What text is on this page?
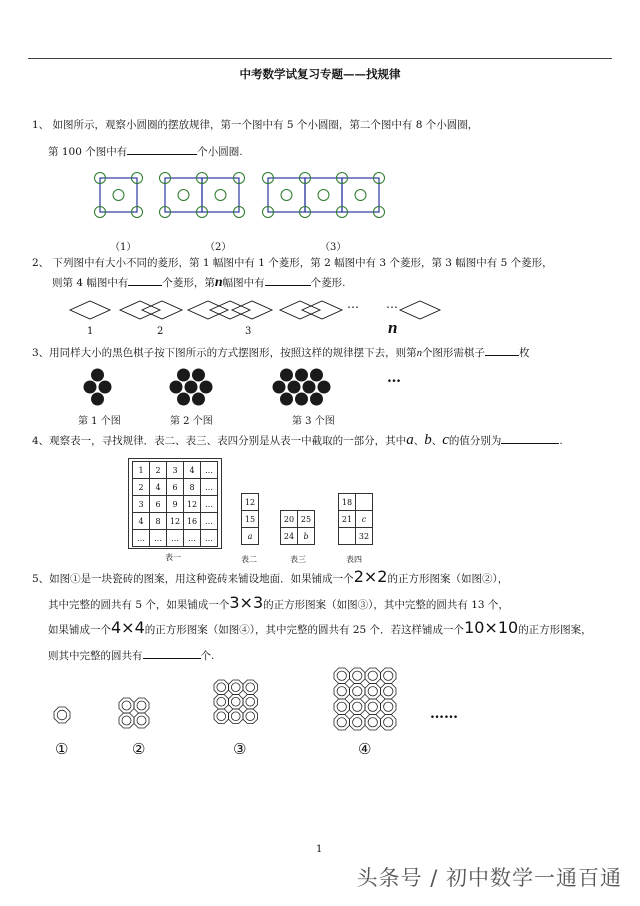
中考数学试复习专题——找规律
1、 如图所示，观察小圆圈的摆放规律，第一个图中有 5 个小圆圈，第二个图中有 8 个小圆圈，
第 100 个图中有	个小圆圈.
（1）	（2）	（3）
2、 下列图中有大小不同的菱形，第 1 幅图中有 1 个菱形，第 2 幅图中有 3 个菱形，第 3 幅图中有 5 个菱形，
则第 4 幅图中有	个菱形，第n幅图中有	个菱形.
… …
1	2	3	n
3、用同样大小的黑色棋子按下图所示的方式摆图形，按照这样的规律摆下去，则第n个图形需棋子	枚
…
第 1 个图	第 2 个图	第 3 个图
4、观察表一，寻找规律．表二、表三、表四分别是从表一中截取的一部分，其中a、b、c的值分别为	.
1	2	3	4	…
2	4	6	8	…
3	6	9	12	…
4	8	12	16	…
…	…	…	…	…
12
15
a
20	25
24	b
18	
21	c
	32
表一	表二	表三	表四
5、如图①是一块瓷砖的图案，用这种瓷砖来铺设地面．如果铺成一个2×2的正方形图案（如图②），
其中完整的圆共有 5 个，如果铺成一个3×3的正方形图案（如图③），其中完整的圆共有 13 个，
如果铺成一个4×4的正方形图案（如图④），其中完整的圆共有 25 个．若这样铺成一个10×10的正方形图案，
则其中完整的圆共有	个.
……
①	②	③	④
1
头条号 / 初中数学一通百通
